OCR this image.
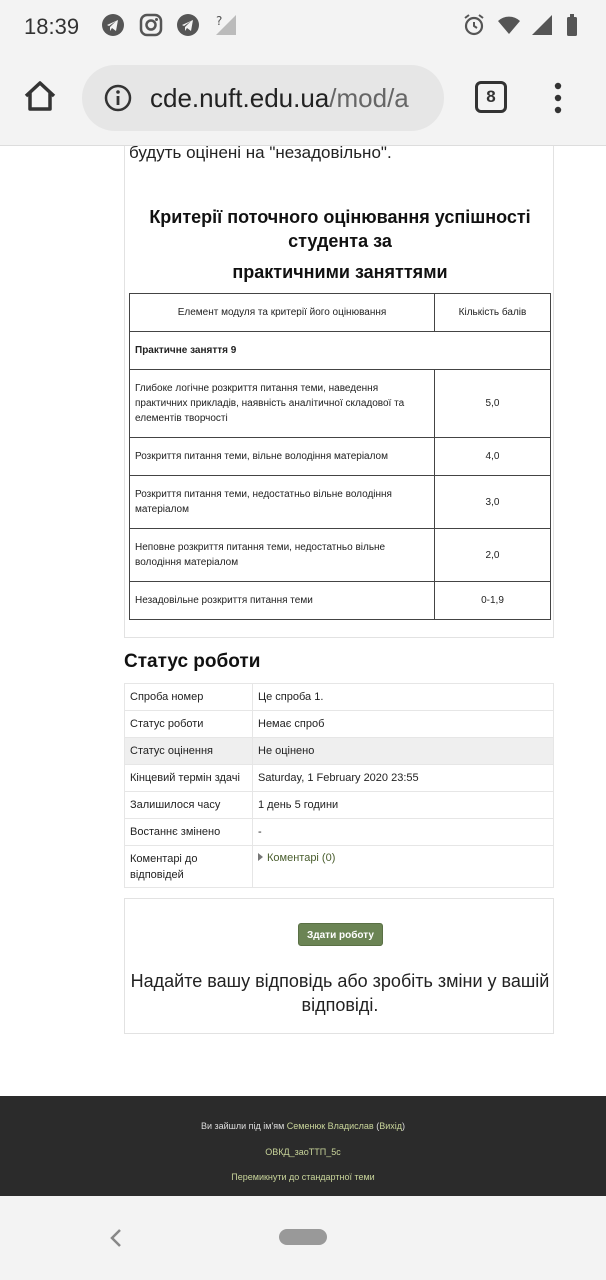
18:39	?
cde.nuft.edu.ua/mod/a	8
будуть оцінені на "незадовільно".
Критерії поточного оцінювання успішності
студента за
практичними заняттями
Елемент модуля та критерії його оцінювання	Кількість балів
Практичне заняття 9	
Глибоке логічне розкриття питання теми, наведення практичних прикладів, наявність аналітичної складової та елементів творчості	5,0
Розкриття питання теми, вільне володіння матеріалом	4,0
Розкриття питання теми, недостатньо вільне володіння матеріалом	3,0
Неповне розкриття питання теми, недостатньо вільне володіння матеріалом	2,0
Незадовільне розкриття питання теми	0-1,9
Статус роботи
Спроба номер	Це спроба 1.
Статус роботи	Немає спроб
Статус оцінення	Не оцінено
Кінцевий термін здачі	Saturday, 1 February 2020 23:55
Залишилося часу	1 день 5 години
Востаннє змінено	-
Коментарі до відповідей	Коментарі (0)
Здати роботу
Надайте вашу відповідь або зробіть зміни у вашій відповіді.
Ви зайшли під ім'ям Семенюк Владислав (Вихід)
ОВКД_заоТТП_5с
Перемикнути до стандартної теми
